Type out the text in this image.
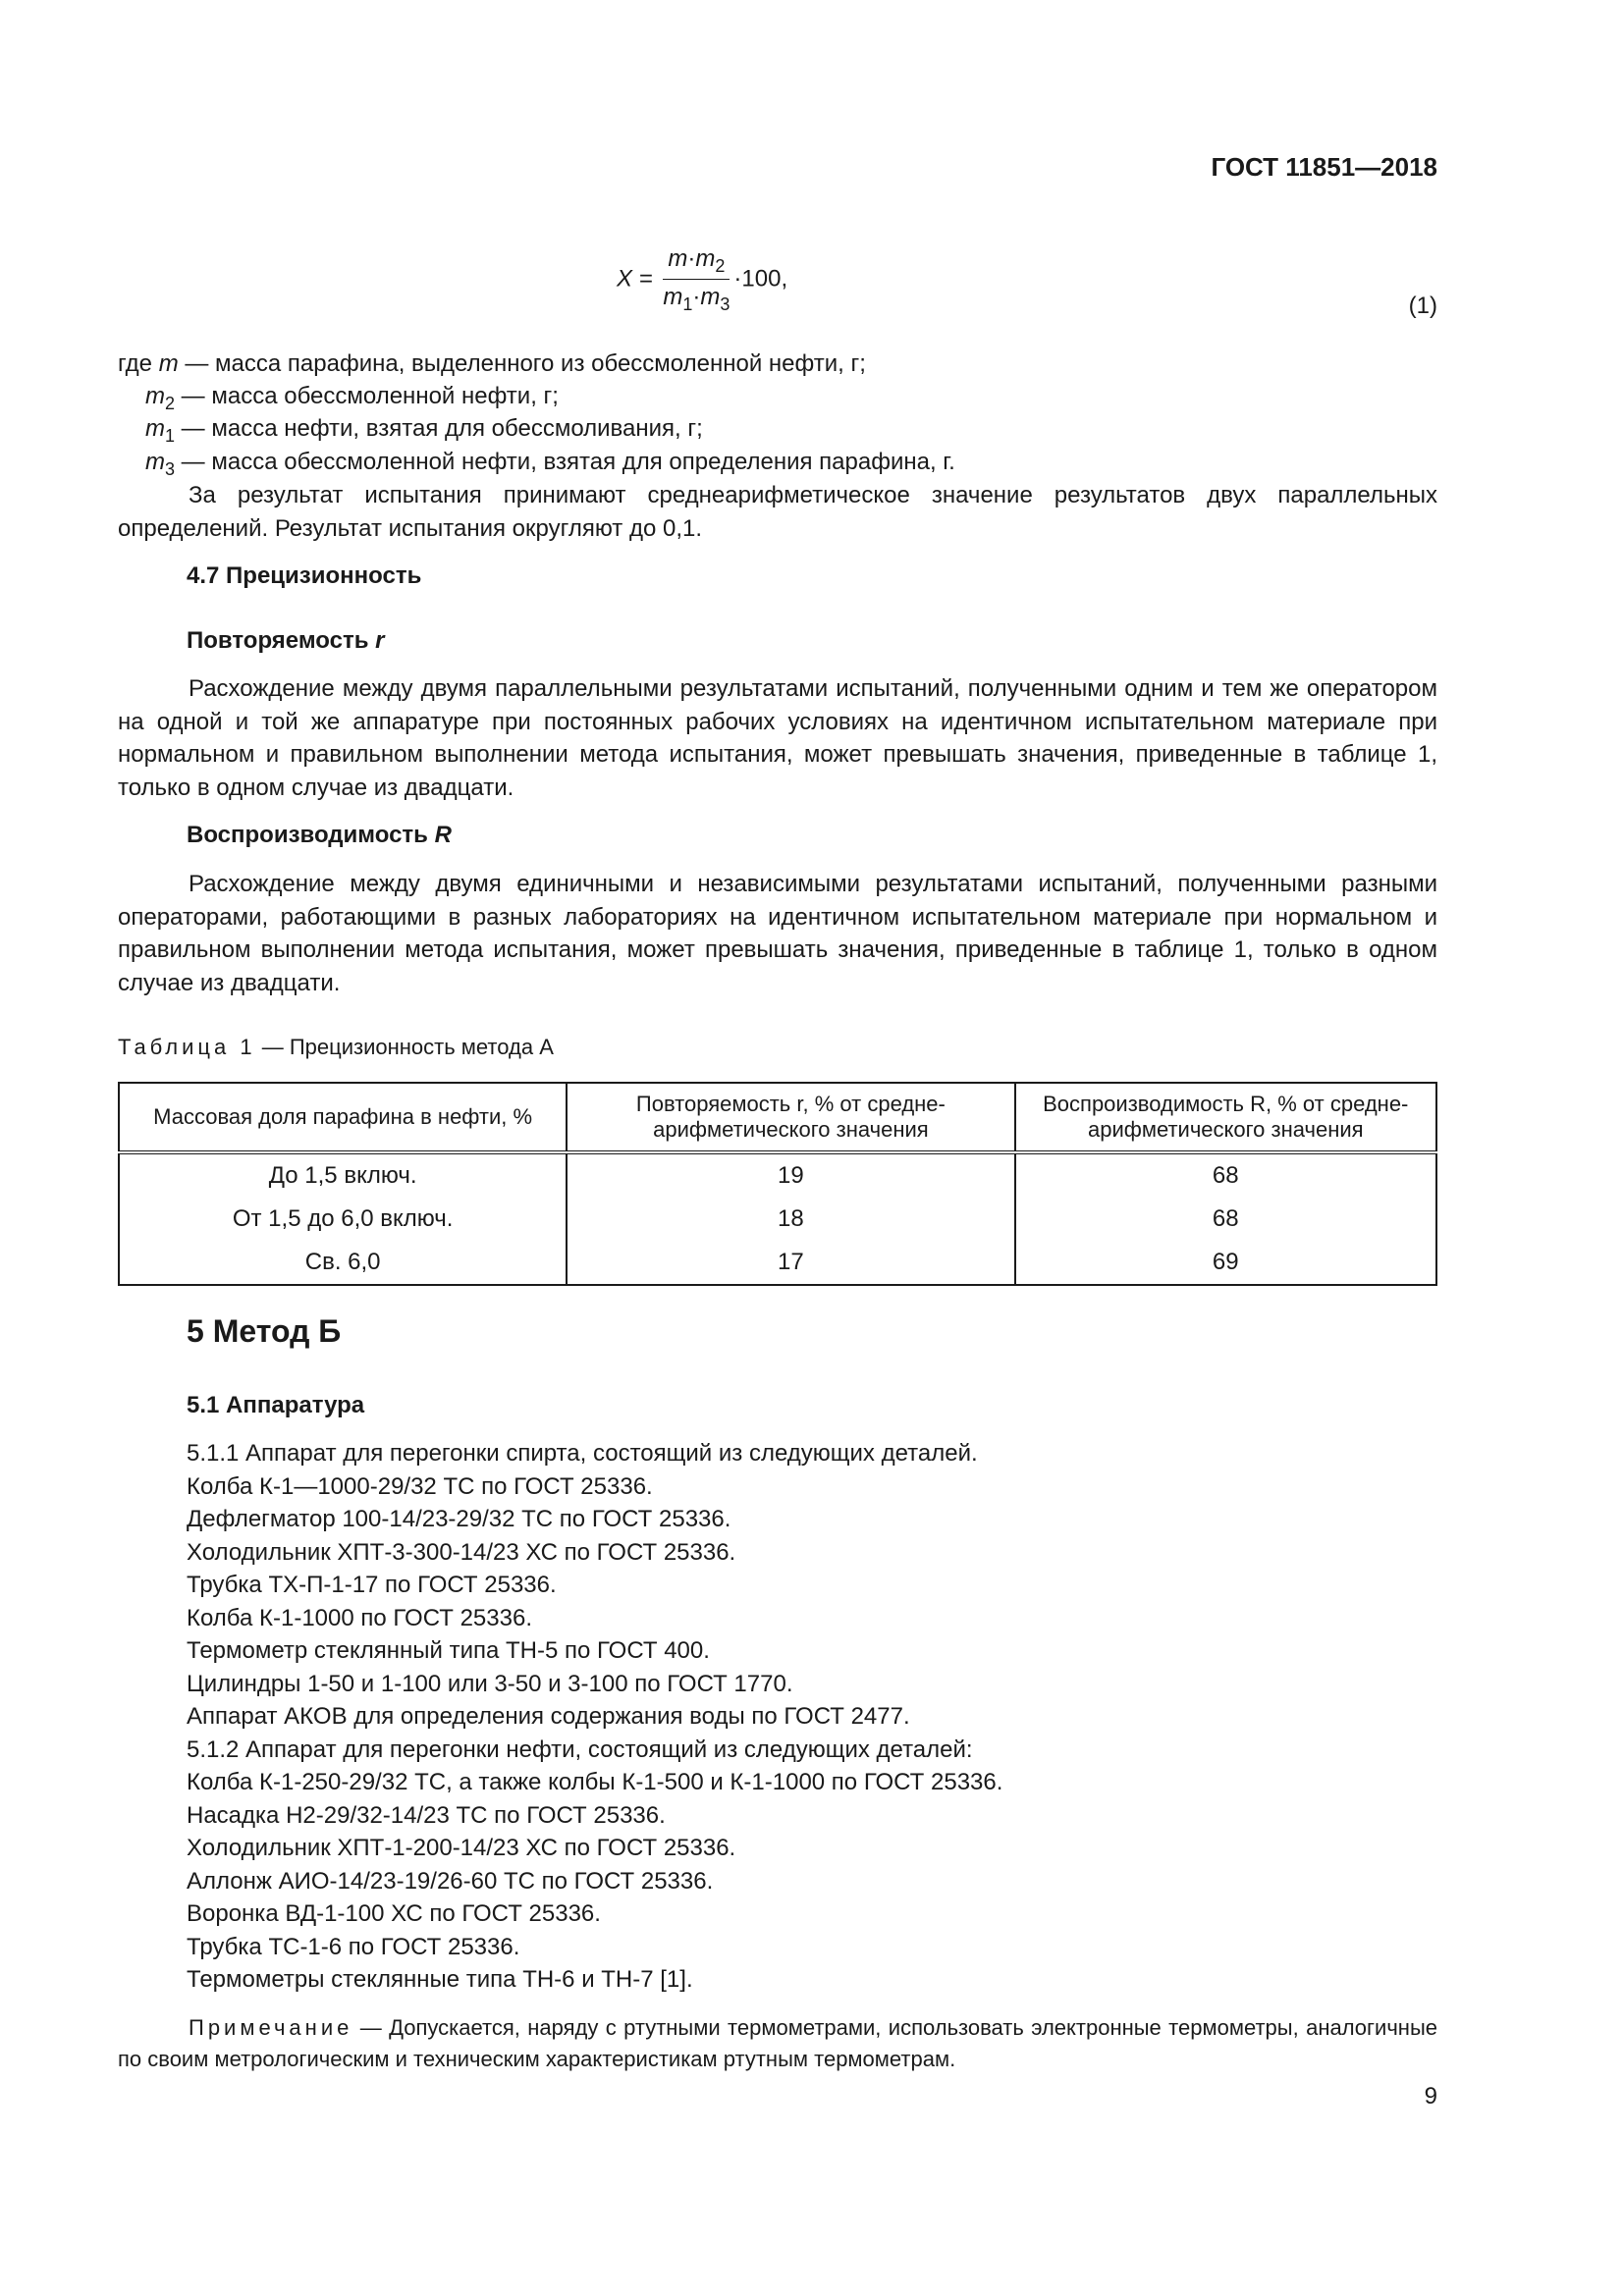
ГОСТ 11851—2018
$X = \frac{m\cdot m_2}{m_1\cdot m_3} \cdot 100$,
(1)
где m — масса парафина, выделенного из обессмоленной нефти, г;
$m_2$ — масса обессмоленной нефти, г;
$m_1$ — масса нефти, взятая для обессмоливания, г;
$m_3$ — масса обессмоленной нефти, взятая для определения парафина, г.
За результат испытания принимают среднеарифметическое значение результатов двух параллельных определений. Результат испытания округляют до 0,1.
4.7 Прецизионность
Повторяемость r
Расхождение между двумя параллельными результатами испытаний, полученными одним и тем же оператором на одной и той же аппаратуре при постоянных рабочих условиях на идентичном испытательном материале при нормальном и правильном выполнении метода испытания, может превышать значения, приведенные в таблице 1, только в одном случае из двадцати.
Воспроизводимость R
Расхождение между двумя единичными и независимыми результатами испытаний, полученными разными операторами, работающими в разных лабораториях на идентичном испытательном материале при нормальном и правильном выполнении метода испытания, может превышать значения, приведенные в таблице 1, только в одном случае из двадцати.
Таблица 1 — Прецизионность метода А
Массовая доля парафина в нефти, %	Повторяемость r, % от средне-арифметического значения	Воспроизводимость R, % от средне-арифметического значения
До 1,5 включ.	19	68
От 1,5 до 6,0 включ.	18	68
Св. 6,0	17	69
5 Метод Б
5.1 Аппаратура
5.1.1 Аппарат для перегонки спирта, состоящий из следующих деталей.
Колба К-1—1000-29/32 ТС по ГОСТ 25336.
Дефлегматор 100-14/23-29/32 ТС по ГОСТ 25336.
Холодильник ХПТ-3-300-14/23 ХС по ГОСТ 25336.
Трубка ТХ-П-1-17 по ГОСТ 25336.
Колба К-1-1000 по ГОСТ 25336.
Термометр стеклянный типа ТН-5 по ГОСТ 400.
Цилиндры 1-50 и 1-100 или 3-50 и 3-100 по ГОСТ 1770.
Аппарат АКОВ для определения содержания воды по ГОСТ 2477.
5.1.2 Аппарат для перегонки нефти, состоящий из следующих деталей:
Колба К-1-250-29/32 ТС, а также колбы К-1-500 и К-1-1000 по ГОСТ 25336.
Насадка Н2-29/32-14/23 ТС по ГОСТ 25336.
Холодильник ХПТ-1-200-14/23 ХС по ГОСТ 25336.
Аллонж АИО-14/23-19/26-60 ТС по ГОСТ 25336.
Воронка ВД-1-100 ХС по ГОСТ 25336.
Трубка ТС-1-6 по ГОСТ 25336.
Термометры стеклянные типа ТН-6 и ТН-7 [1].
Примечание — Допускается, наряду с ртутными термометрами, использовать электронные термометры, аналогичные по своим метрологическим и техническим характеристикам ртутным термометрам.
9
